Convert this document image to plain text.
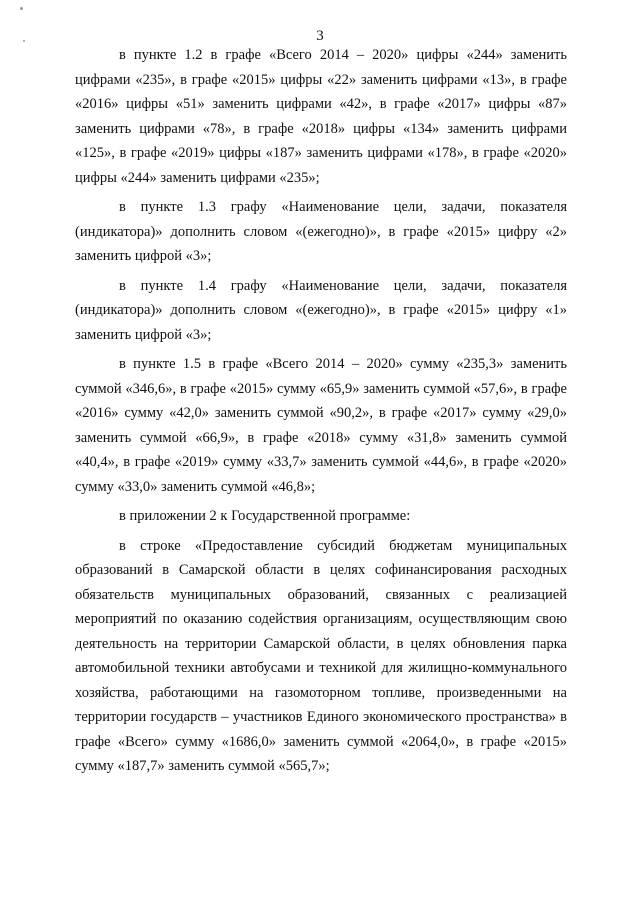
3

в пункте 1.2 в графе «Всего 2014 – 2020» цифры «244» заменить цифрами «235», в графе «2015» цифры «22» заменить цифрами «13», в графе «2016» цифры «51» заменить цифрами «42», в графе «2017» цифры «87» заменить цифрами «78», в графе «2018» цифры «134» заменить цифрами «125», в графе «2019» цифры «187» заменить цифрами «178», в графе «2020» цифры «244» заменить цифрами «235»;

в пункте 1.3 графу «Наименование цели, задачи, показателя (индикатора)» дополнить словом «(ежегодно)», в графе «2015» цифру «2» заменить цифрой «3»;

в пункте 1.4 графу «Наименование цели, задачи, показателя (индикатора)» дополнить словом «(ежегодно)», в графе «2015» цифру «1» заменить цифрой «3»;

в пункте 1.5 в графе «Всего 2014 – 2020» сумму «235,3» заменить суммой «346,6», в графе «2015» сумму «65,9» заменить суммой «57,6», в графе «2016» сумму «42,0» заменить суммой «90,2», в графе «2017» сумму «29,0» заменить суммой «66,9», в графе «2018» сумму «31,8» заменить суммой «40,4», в графе «2019» сумму «33,7» заменить суммой «44,6», в графе «2020» сумму «33,0» заменить суммой «46,8»;

в приложении 2 к Государственной программе:

в строке «Предоставление субсидий бюджетам муниципальных образований в Самарской области в целях софинансирования расходных обязательств муниципальных образований, связанных с реализацией мероприятий по оказанию содействия организациям, осуществляющим свою деятельность на территории Самарской области, в целях обновления парка автомобильной техники автобусами и техникой для жилищно-коммунального хозяйства, работающими на газомоторном топливе, произведенными на территории государств – участников Единого экономического пространства» в графе «Всего» сумму «1686,0» заменить суммой «2064,0», в графе «2015» сумму «187,7» заменить суммой «565,7»;
